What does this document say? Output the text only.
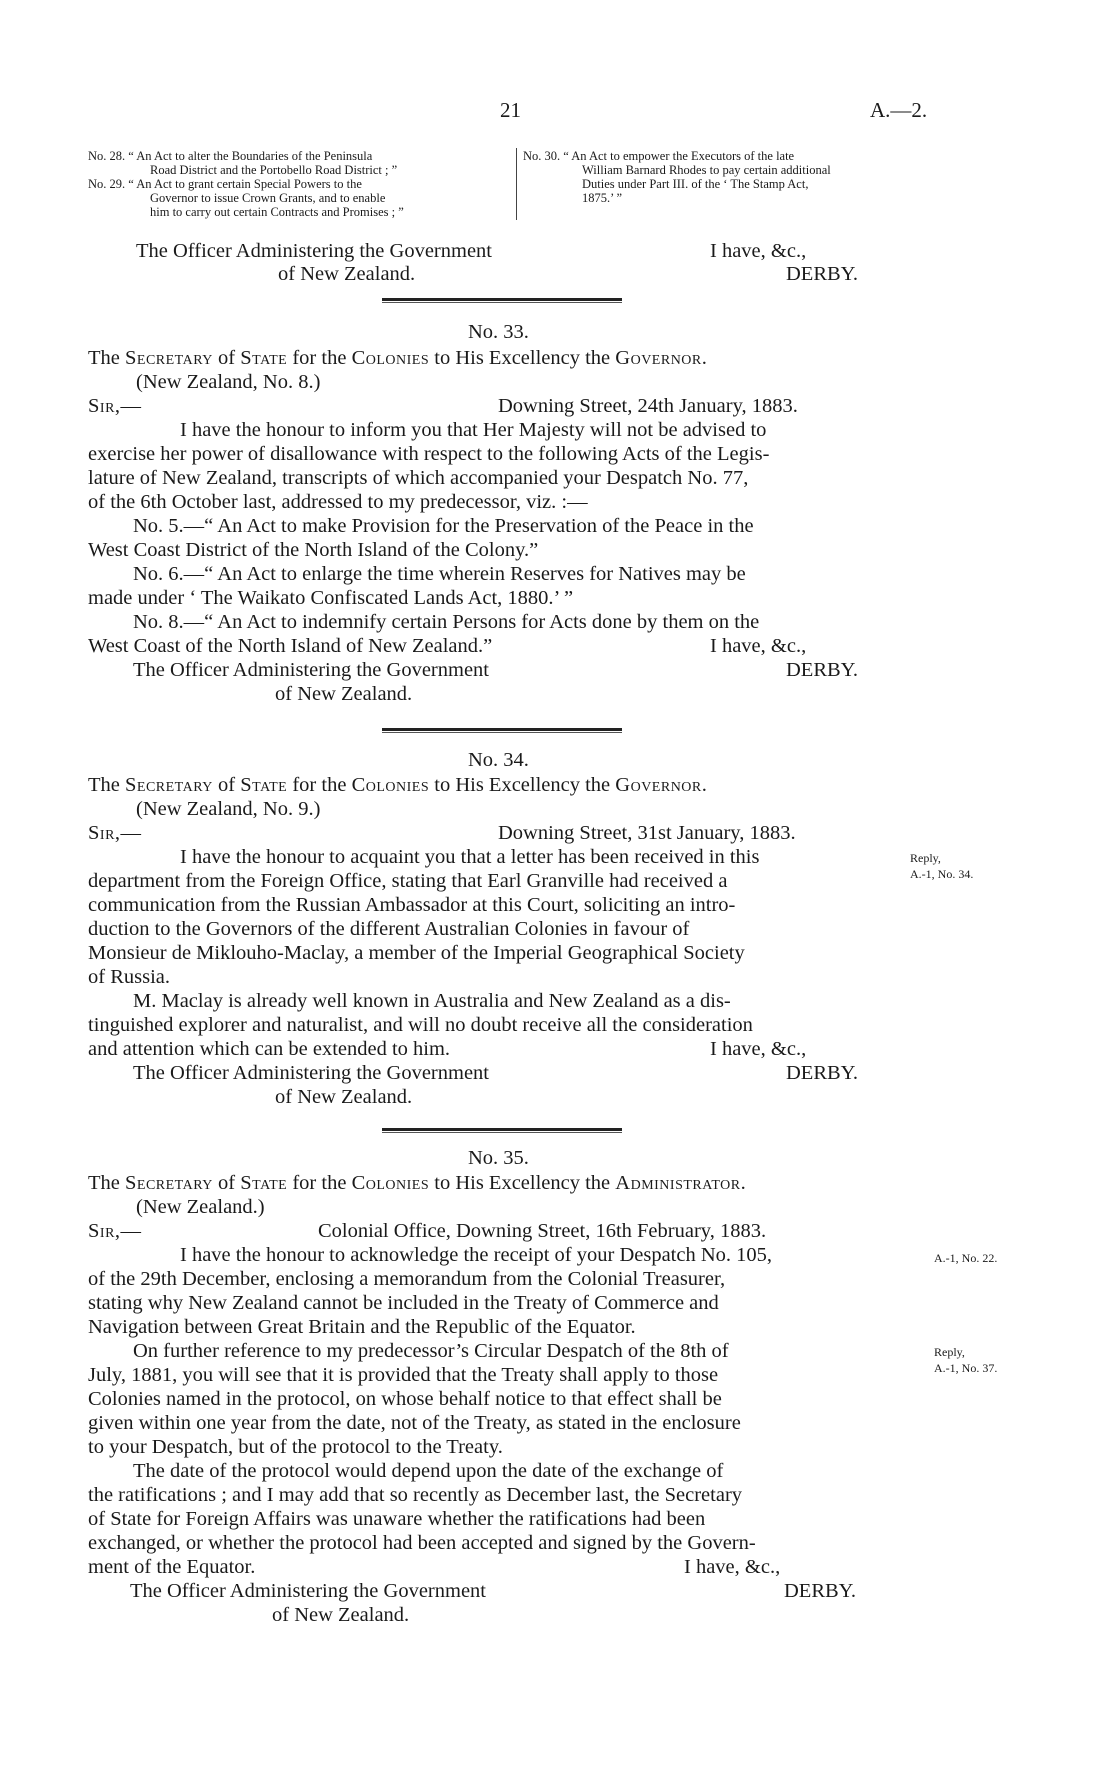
21	A.—2.
No. 28. “ An Act to alter the Boundaries of the Peninsula
Road District and the Portobello Road District ; ”
No. 29. “ An Act to grant certain Special Powers to the
Governor to issue Crown Grants, and to enable
him to carry out certain Contracts and Promises ; ”
No. 30. “ An Act to empower the Executors of the late
William Barnard Rhodes to pay certain additional
Duties under Part III. of the ‘ The Stamp Act,
1875.’ ”
The Officer Administering the Government
of New Zealand.
I have, &c.,
DERBY.
No. 33.
The Secretary of State for the Colonies to His Excellency the Governor.
(New Zealand, No. 8.)
Sir,—	Downing Street, 24th January, 1883.
I have the honour to inform you that Her Majesty will not be advised to
exercise her power of disallowance with respect to the following Acts of the Legis-
lature of New Zealand, transcripts of which accompanied your Despatch No. 77,
of the 6th October last, addressed to my predecessor, viz. :—
No. 5.—“ An Act to make Provision for the Preservation of the Peace in the
West Coast District of the North Island of the Colony.”
No. 6.—“ An Act to enlarge the time wherein Reserves for Natives may be
made under ‘ The Waikato Confiscated Lands Act, 1880.’ ”
No. 8.—“ An Act to indemnify certain Persons for Acts done by them on the
West Coast of the North Island of New Zealand.”	I have, &c.,
The Officer Administering the Government	DERBY.
of New Zealand.
No. 34.
The Secretary of State for the Colonies to His Excellency the Governor.
(New Zealand, No. 9.)
Sir,—	Downing Street, 31st January, 1883.
I have the honour to acquaint you that a letter has been received in this	Reply,
department from the Foreign Office, stating that Earl Granville had received a	A.-1, No. 34.
communication from the Russian Ambassador at this Court, soliciting an intro-
duction to the Governors of the different Australian Colonies in favour of
Monsieur de Miklouho-Maclay, a member of the Imperial Geographical Society
of Russia.
M. Maclay is already well known in Australia and New Zealand as a dis-
tinguished explorer and naturalist, and will no doubt receive all the consideration
and attention which can be extended to him.	I have, &c.,
The Officer Administering the Government	DERBY.
of New Zealand.
No. 35.
The Secretary of State for the Colonies to His Excellency the Administrator.
(New Zealand.)
Sir,—	Colonial Office, Downing Street, 16th February, 1883.
I have the honour to acknowledge the receipt of your Despatch No. 105,	A.-1, No. 22.
of the 29th December, enclosing a memorandum from the Colonial Treasurer,
stating why New Zealand cannot be included in the Treaty of Commerce and
Navigation between Great Britain and the Republic of the Equator.
On further reference to my predecessor’s Circular Despatch of the 8th of	Reply,
July, 1881, you will see that it is provided that the Treaty shall apply to those	A.-1, No. 37.
Colonies named in the protocol, on whose behalf notice to that effect shall be
given within one year from the date, not of the Treaty, as stated in the enclosure
to your Despatch, but of the protocol to the Treaty.
The date of the protocol would depend upon the date of the exchange of
the ratifications ; and I may add that so recently as December last, the Secretary
of State for Foreign Affairs was unaware whether the ratifications had been
exchanged, or whether the protocol had been accepted and signed by the Govern-
ment of the Equator.	I have, &c.,
The Officer Administering the Government	DERBY.
of New Zealand.
